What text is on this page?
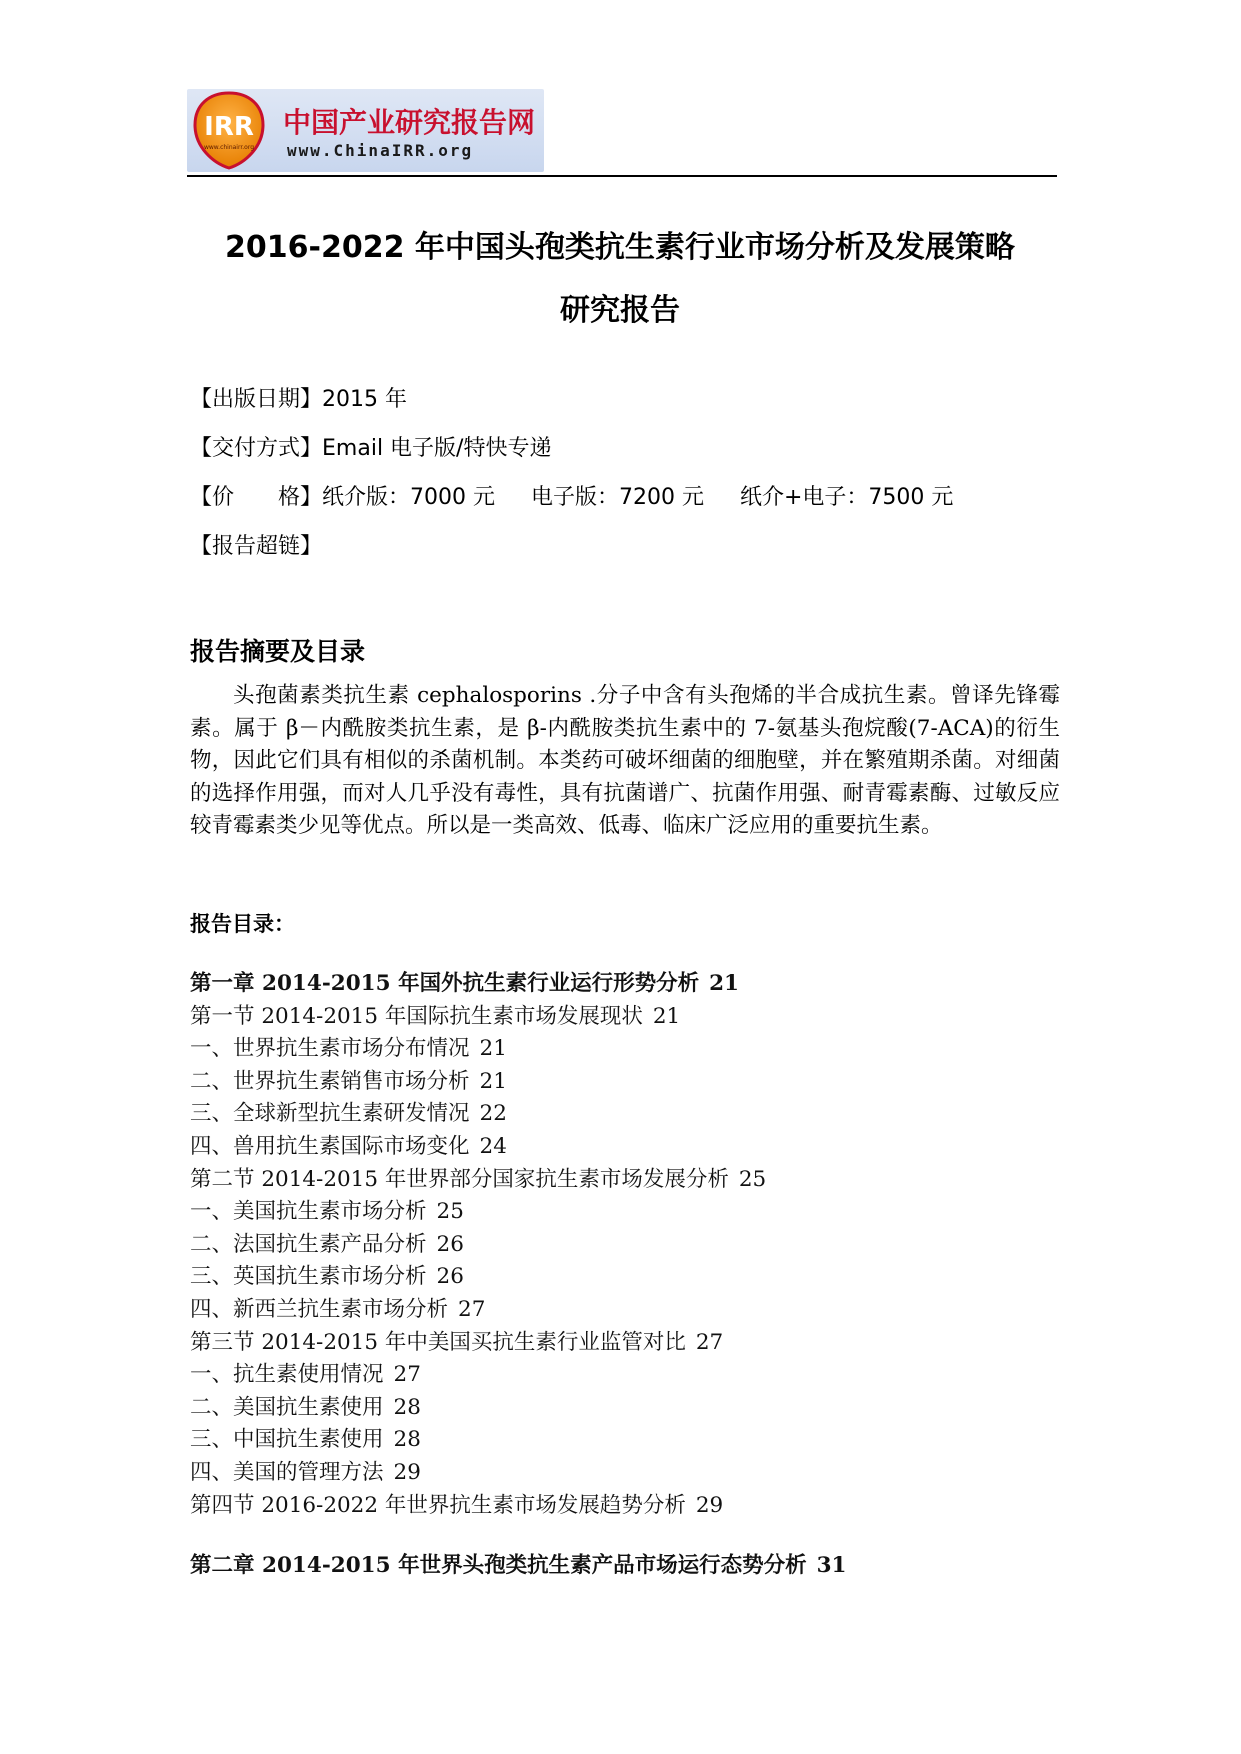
IRR
www.chinairr.org
中国产业研究报告网
www.ChinaIRR.org
2016-2022 年中国头孢类抗生素行业市场分析及发展策略
研究报告
【出版日期】2015 年
【交付方式】Email 电子版/特快专递
【价　　格】纸介版：7000 元 电子版：7200 元 纸介+电子：7500 元
【报告超链】
报告摘要及目录

头孢菌素类抗生素 cephalosporins .分子中含有头孢烯的半合成抗生素。曾译先锋霉素。属于 β－内酰胺类抗生素，是 β-内酰胺类抗生素中的 7-氨基头孢烷酸(7-ACA)的衍生物，因此它们具有相似的杀菌机制。本类药可破坏细菌的细胞壁，并在繁殖期杀菌。对细菌的选择作用强，而对人几乎没有毒性，具有抗菌谱广、抗菌作用强、耐青霉素酶、过敏反应较青霉素类少见等优点。所以是一类高效、低毒、临床广泛应用的重要抗生素。

报告目录：
第一章 2014-2015 年国外抗生素行业运行形势分析 21
第一节 2014-2015 年国际抗生素市场发展现状 21
一、世界抗生素市场分布情况 21
二、世界抗生素销售市场分析 21
三、全球新型抗生素研发情况 22
四、兽用抗生素国际市场变化 24
第二节 2014-2015 年世界部分国家抗生素市场发展分析 25
一、美国抗生素市场分析 25
二、法国抗生素产品分析 26
三、英国抗生素市场分析 26
四、新西兰抗生素市场分析 27
第三节 2014-2015 年中美国买抗生素行业监管对比 27
一、抗生素使用情况 27
二、美国抗生素使用 28
三、中国抗生素使用 28
四、美国的管理方法 29
第四节 2016-2022 年世界抗生素市场发展趋势分析 29
第二章 2014-2015 年世界头孢类抗生素产品市场运行态势分析 31
